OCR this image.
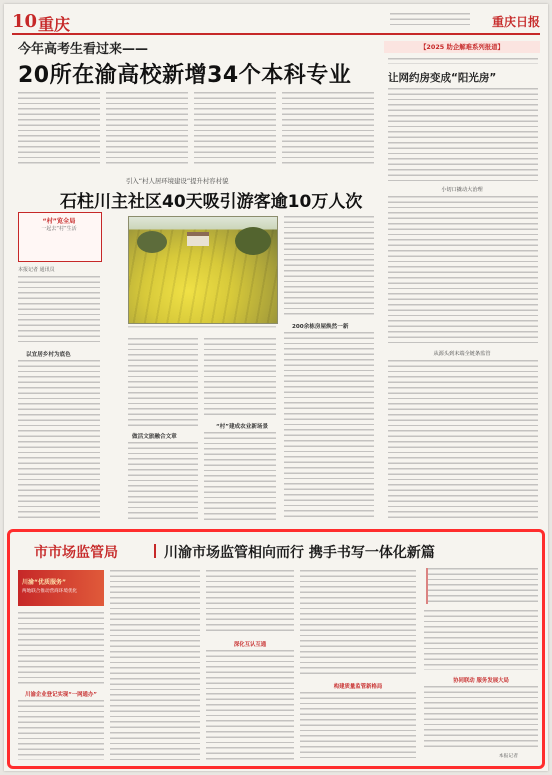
10 重庆	重庆日报
今年高考生看过来——
20所在渝高校新增34个本科专业
【2025 助企解难系列报道】
让网约房变成“阳光房”
小切口撬动大治理
从源头到末端全链条监管
引入“村人居环境建设”提升村容村貌
石柱川主社区40天吸引游客逾10万人次
“村”览全局
一起去“村”生活
本报记者 通讯员
以宜居乡村为底色
做活文旅融合文章
“村”建成农业新场景
200余栋房屋焕然一新
市市场监管局	川渝市场监管相向而行 携手书写一体化新篇
川渝“优质服务”
两地联合推动营商环境优化
川渝企业登记实现“一网通办”
深化互认互通
构建质量监管新格局
协同联动 服务发展大局
本报记者
